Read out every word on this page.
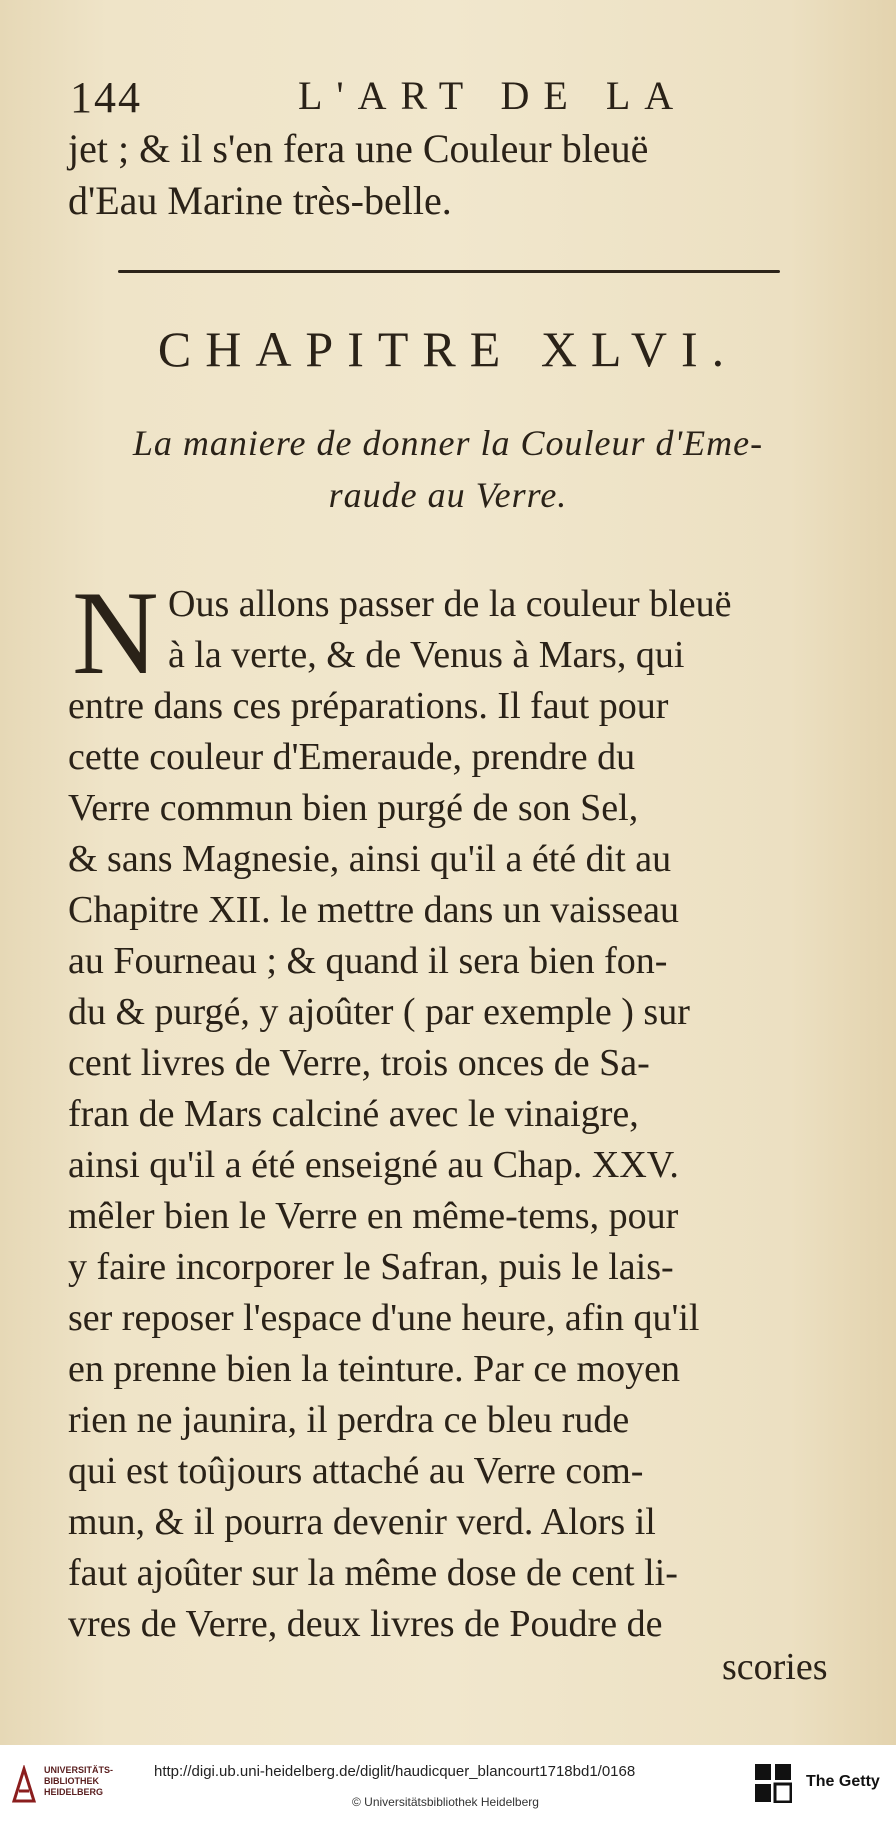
144	L'ART DE LA
jet ; & il s'en fera une Couleur bleuë
d'Eau Marine très-belle.
CHAPITRE XLVI.
La maniere de donner la Couleur d'Eme-
raude au Verre.
N Ous allons passer de la couleur bleuë
à la verte, & de Venus à Mars, qui
entre dans ces préparations. Il faut pour
cette couleur d'Emeraude, prendre du
Verre commun bien purgé de son Sel,
& sans Magnesie, ainsi qu'il a été dit au
Chapitre XII. le mettre dans un vaisseau
au Fourneau ; & quand il sera bien fon-
du & purgé, y ajoûter ( par exemple ) sur
cent livres de Verre, trois onces de Sa-
fran de Mars calciné avec le vinaigre,
ainsi qu'il a été enseigné au Chap. XXV.
mêler bien le Verre en même-tems, pour
y faire incorporer le Safran, puis le lais-
ser reposer l'espace d'une heure, afin qu'il
en prenne bien la teinture. Par ce moyen
rien ne jaunira, il perdra ce bleu rude
qui est toûjours attaché au Verre com-
mun, & il pourra devenir verd. Alors il
faut ajoûter sur la même dose de cent li-
vres de Verre, deux livres de Poudre de
scories
UNIVERSITÄTS-
BIBLIOTHEK
HEIDELBERG
http://digi.ub.uni-heidelberg.de/diglit/haudicquer_blancourt1718bd1/0168
© Universitätsbibliothek Heidelberg
The Getty
